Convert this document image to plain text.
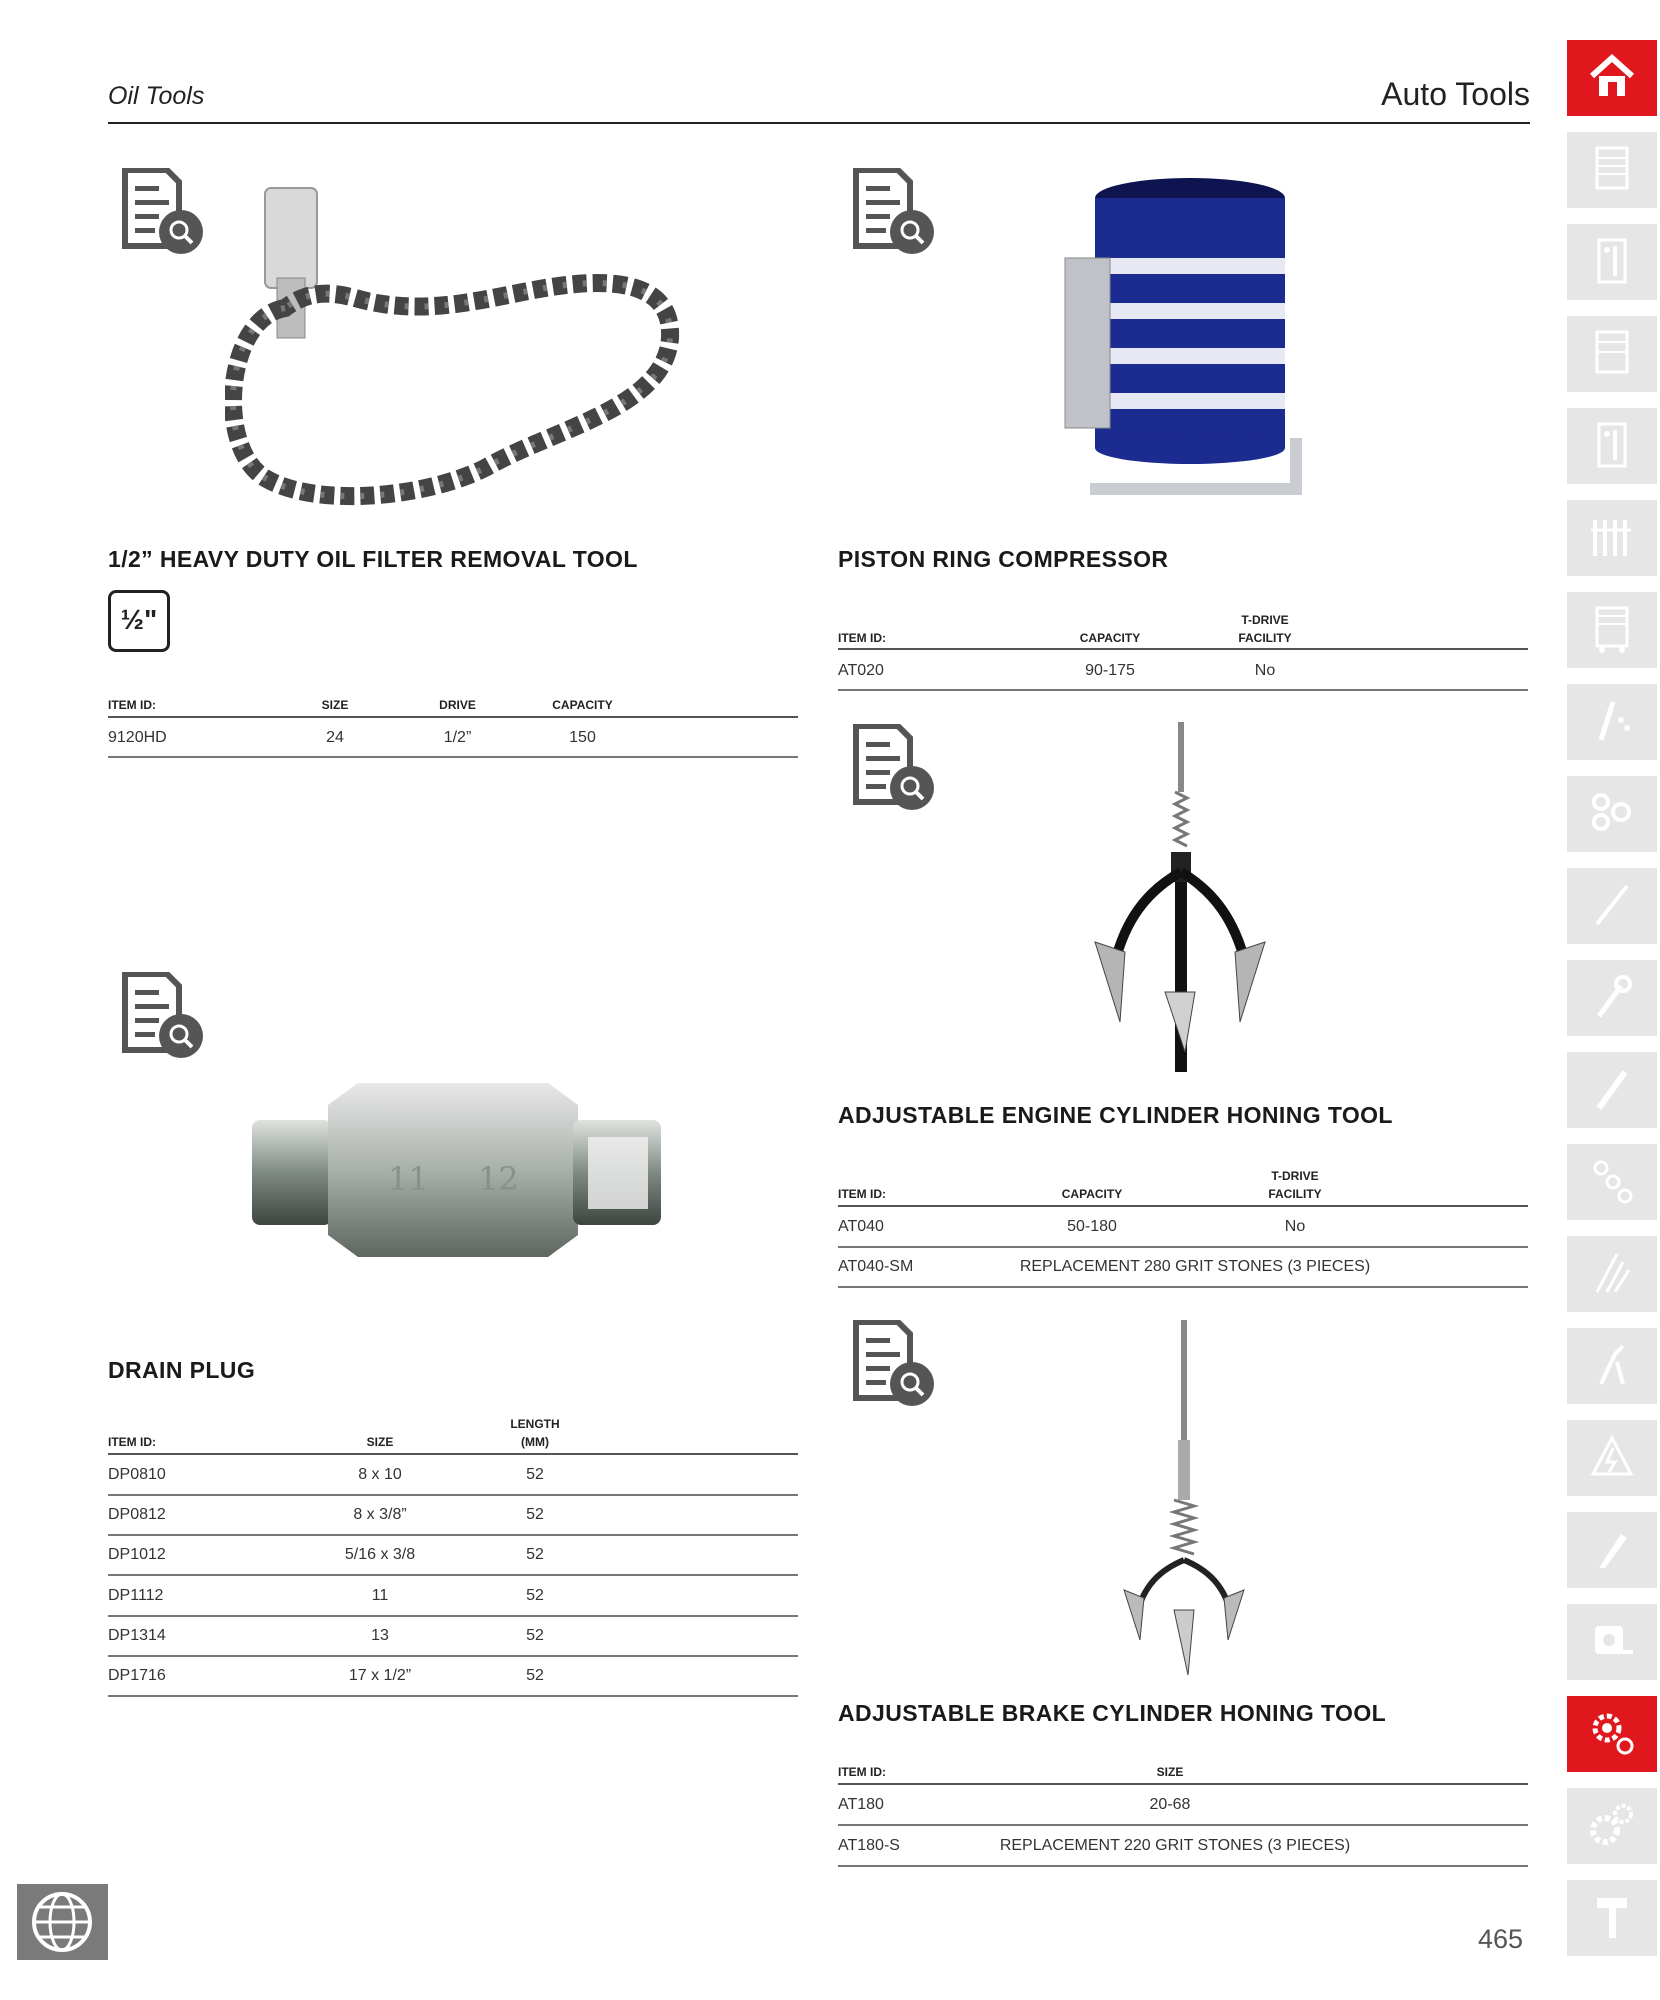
Oil Tools	Auto Tools
1/2” HEAVY DUTY OIL FILTER REMOVAL TOOL
½"
ITEM ID:	SIZE	DRIVE	CAPACITY
9120HD	24	1/2”	150
11 12
DRAIN PLUG
ITEM ID:	SIZE
LENGTH
(MM)
DP0810	8 x 10	52
DP0812	8 x 3/8”	52
DP1012	5/16 x 3/8	52
DP1112	11	52
DP1314	13	52
DP1716	17 x 1/2”	52
PISTON RING COMPRESSOR
ITEM ID:	CAPACITY
T-DRIVE
FACILITY
AT020	90-175	No
ADJUSTABLE ENGINE CYLINDER HONING TOOL
ITEM ID:	CAPACITY
T-DRIVE
FACILITY
AT040	50-180	No
AT040-SM	REPLACEMENT 280 GRIT STONES (3 PIECES)
ADJUSTABLE BRAKE CYLINDER HONING TOOL
ITEM ID:	SIZE
AT180	20-68
AT180-S	REPLACEMENT 220 GRIT STONES (3 PIECES)
465
